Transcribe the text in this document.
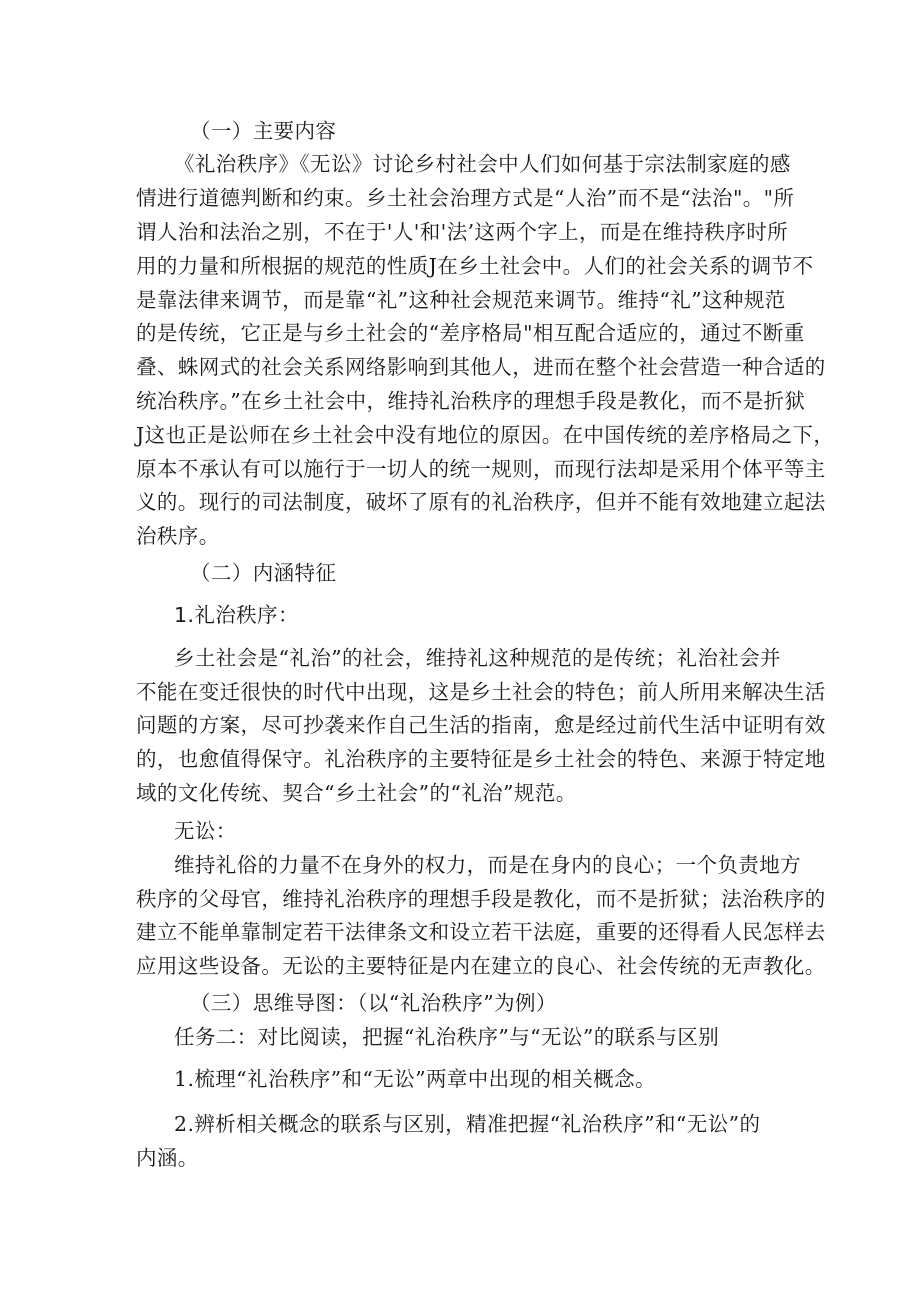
（一）主要内容
《礼治秩序》《无讼》讨论乡村社会中人们如何基于宗法制家庭的感
情进行道德判断和约束。乡土社会治理方式是“人治”而不是“法治"。"所
谓人治和法治之别，不在于'人'和'法’这两个字上，而是在维持秩序时所
用的力量和所根据的规范的性质J在乡土社会中。人们的社会关系的调节不
是靠法律来调节，而是靠“礼”这种社会规范来调节。维持“礼”这种规范
的是传统，它正是与乡土社会的“差序格局"相互配合适应的，通过不断重
叠、蛛网式的社会关系网络影响到其他人，进而在整个社会营造一种合适的
统冶秩序。”在乡土社会中，维持礼治秩序的理想手段是教化，而不是折狱
J这也正是讼师在乡土社会中没有地位的原因。在中国传统的差序格局之下，
原本不承认有可以施行于一切人的统一规则，而现行法却是采用个体平等主
义的。现行的司法制度，破坏了原有的礼治秩序，但并不能有效地建立起法
治秩序。
（二）内涵特征
1.礼治秩序：
乡土社会是“礼治”的社会，维持礼这种规范的是传统；礼治社会并
不能在变迁很快的时代中出现，这是乡土社会的特色；前人所用来解决生活
问题的方案，尽可抄袭来作自己生活的指南，愈是经过前代生活中证明有效
的，也愈值得保守。礼治秩序的主要特征是乡土社会的特色、来源于特定地
域的文化传统、契合“乡土社会”的“礼治”规范。
无讼：
维持礼俗的力量不在身外的权力，而是在身内的良心；一个负责地方
秩序的父母官，维持礼治秩序的理想手段是教化，而不是折狱；法治秩序的
建立不能单靠制定若干法律条文和设立若干法庭，重要的还得看人民怎样去
应用这些设备。无讼的主要特征是内在建立的良心、社会传统的无声教化。
（三）思维导图：（以“礼治秩序”为例）
任务二：对比阅读，把握“礼治秩序”与“无讼”的联系与区别
1.梳理“礼治秩序”和“无讼”两章中出现的相关概念。
2.辨析相关概念的联系与区别，精准把握“礼治秩序”和“无讼”的
内涵。
